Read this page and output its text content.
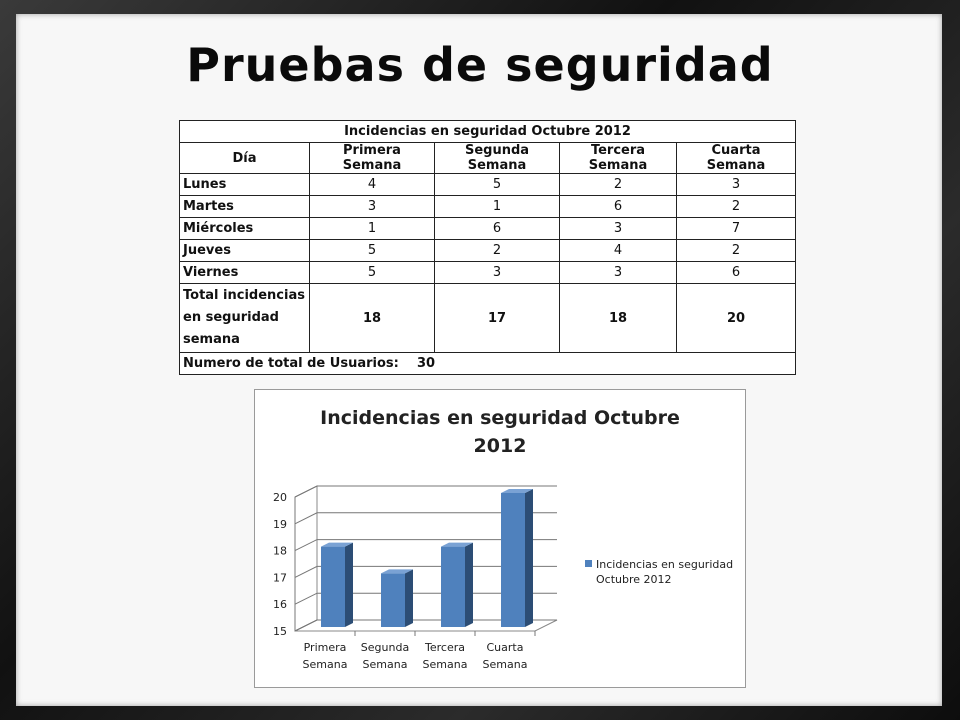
Pruebas de seguridad
Incidencias en seguridad Octubre 2012				
Día	Primera Semana	Segunda Semana	Tercera Semana	Cuarta Semana
Lunes	4	5	2	3
Martes	3	1	6	2
Miércoles	1	6	3	7
Jueves	5	2	4	2
Viernes	5	3	3	6
Total incidencias
en seguridad
semana	18	17	18	20
Numero de total de Usuarios: 30				
Incidencias en seguridad Octubre
2012
15
16
17
18
19
20
Primera
Semana
Segunda
Semana
Tercera
Semana
Cuarta
Semana
Incidencias en seguridad
Octubre 2012
